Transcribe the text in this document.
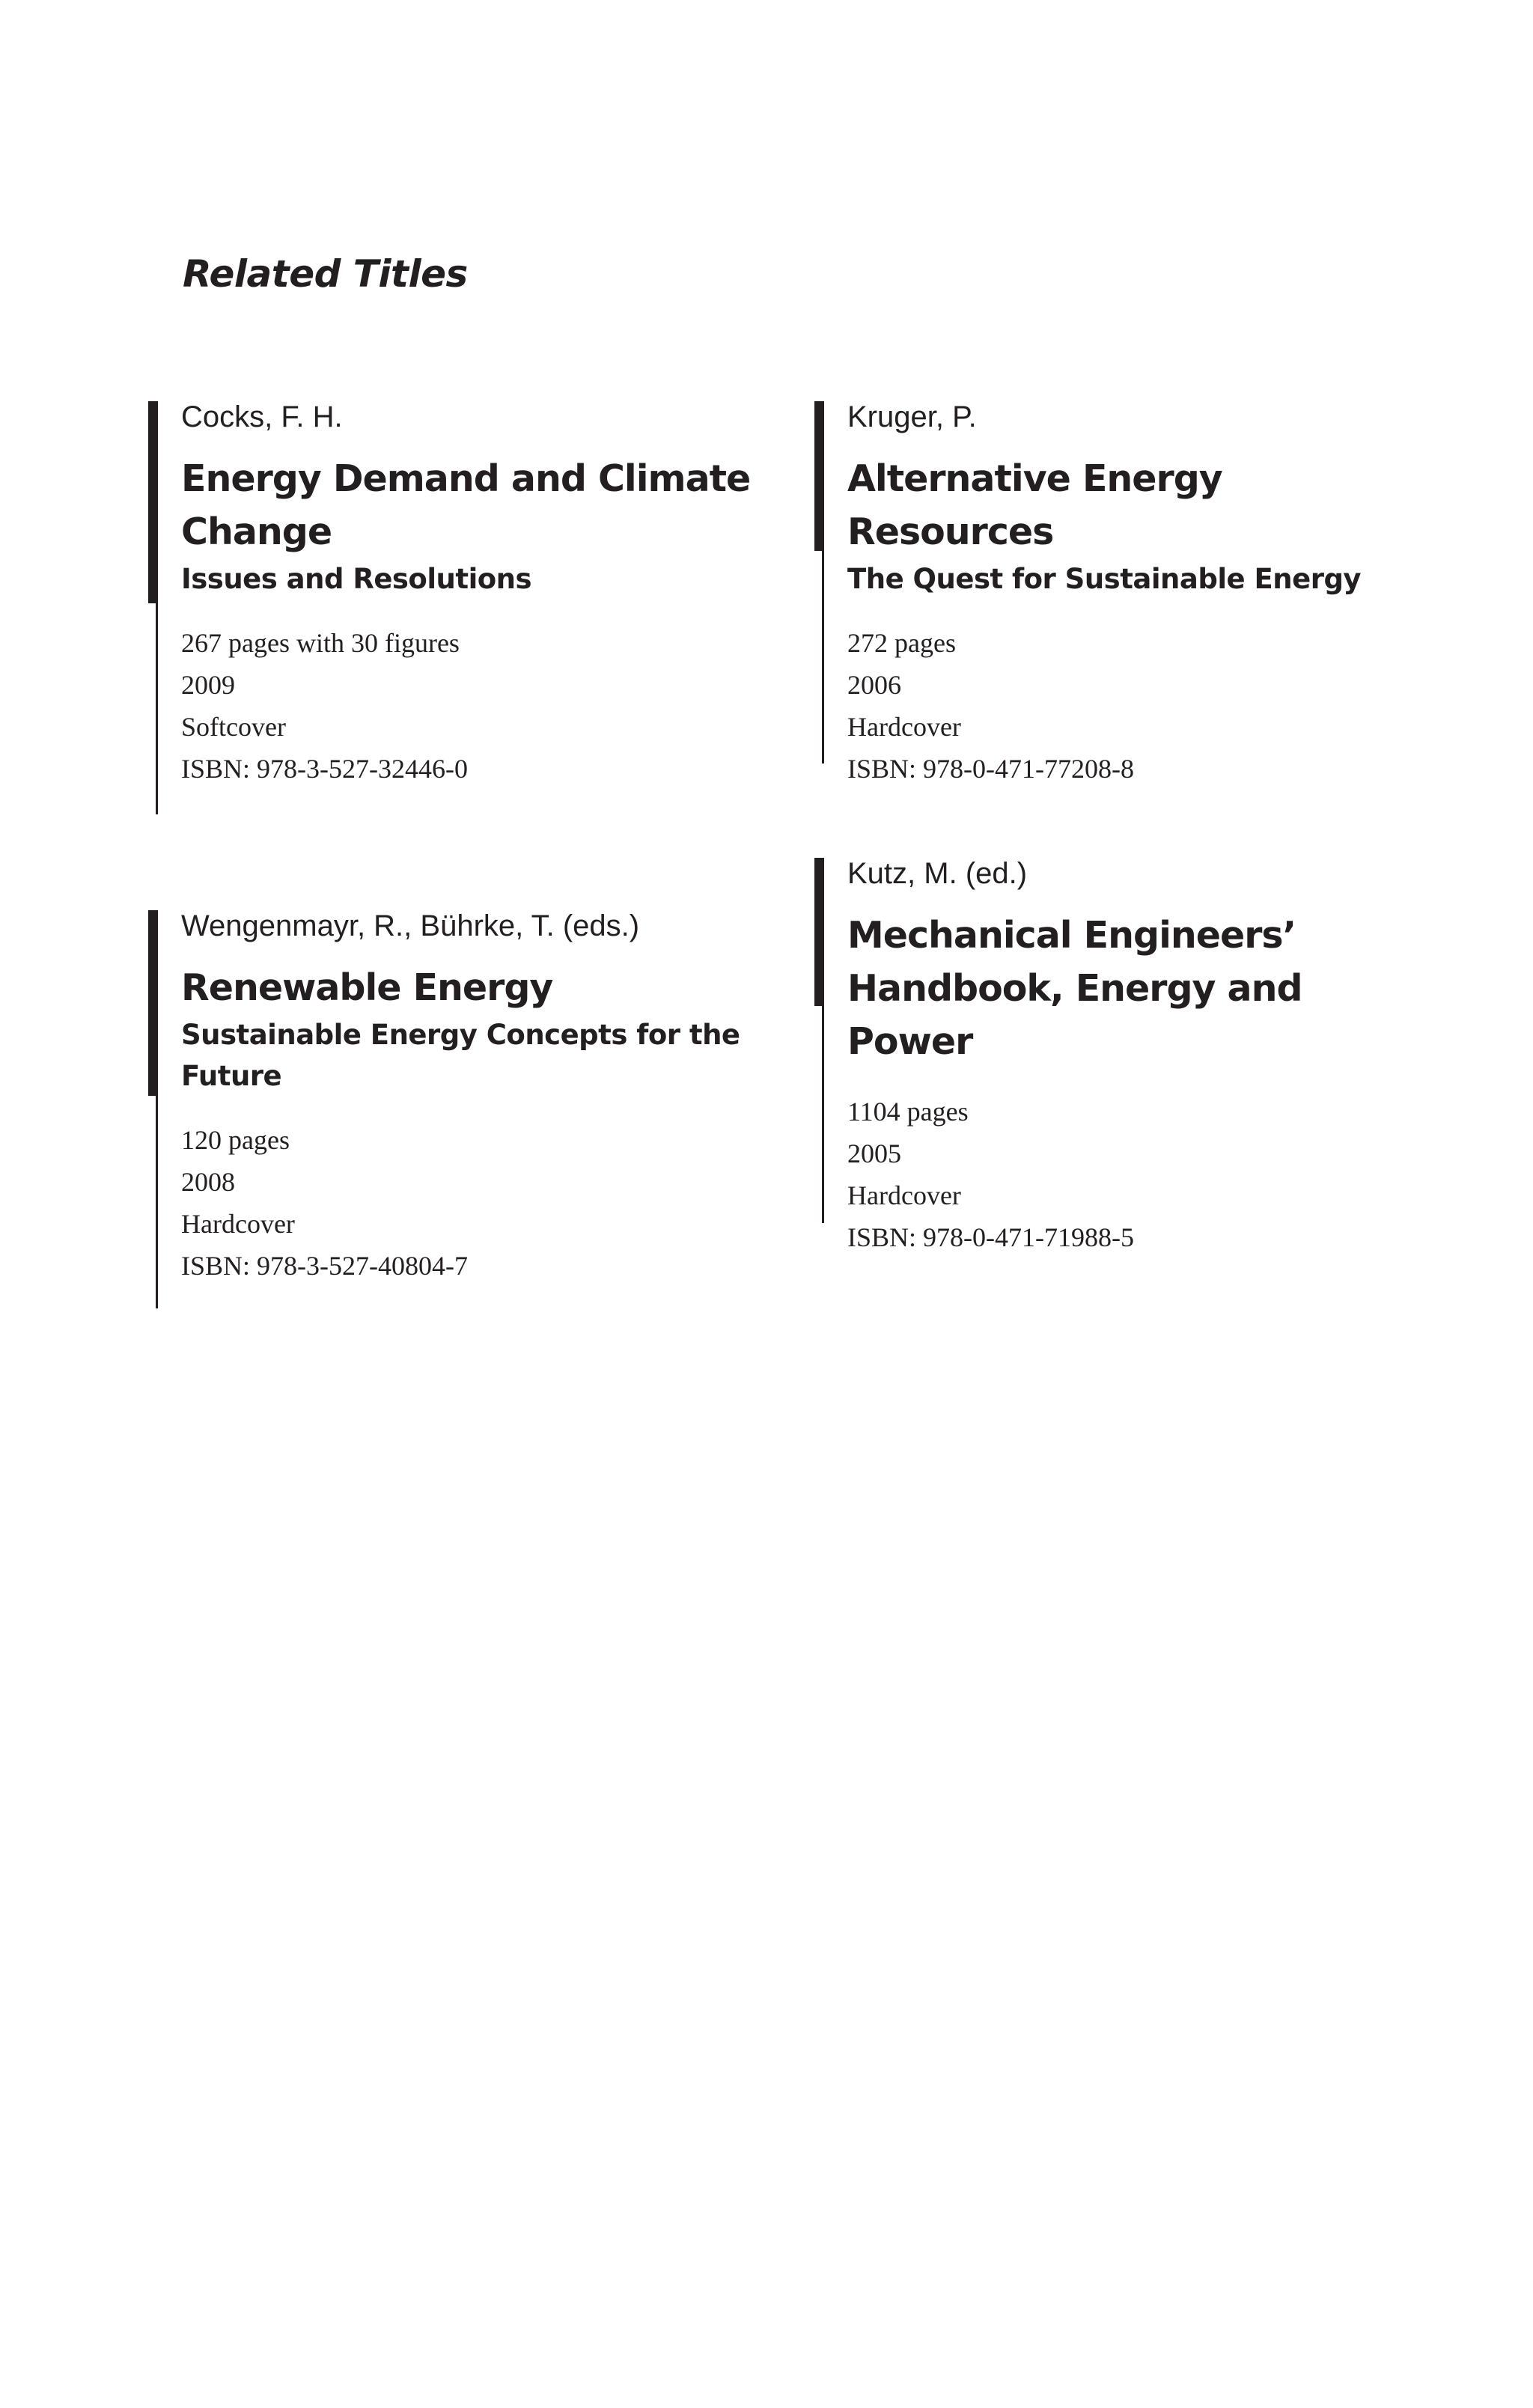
Related Titles

Cocks, F. H.

Energy Demand and Climate
Change
Issues and Resolutions
267 pages with 30 figures
2009
Softcover
ISBN: 978-3-527-32446-0

Wengenmayr, R., Bührke, T. (eds.)

Renewable Energy
Sustainable Energy Concepts for the
Future
120 pages
2008
Hardcover
ISBN: 978-3-527-40804-7

Kruger, P.

Alternative Energy Resources
The Quest for Sustainable Energy
272 pages
2006
Hardcover
ISBN: 978-0-471-77208-8

Kutz, M. (ed.)

Mechanical Engineers’
Handbook, Energy and Power
1104 pages
2005
Hardcover
ISBN: 978-0-471-71988-5
